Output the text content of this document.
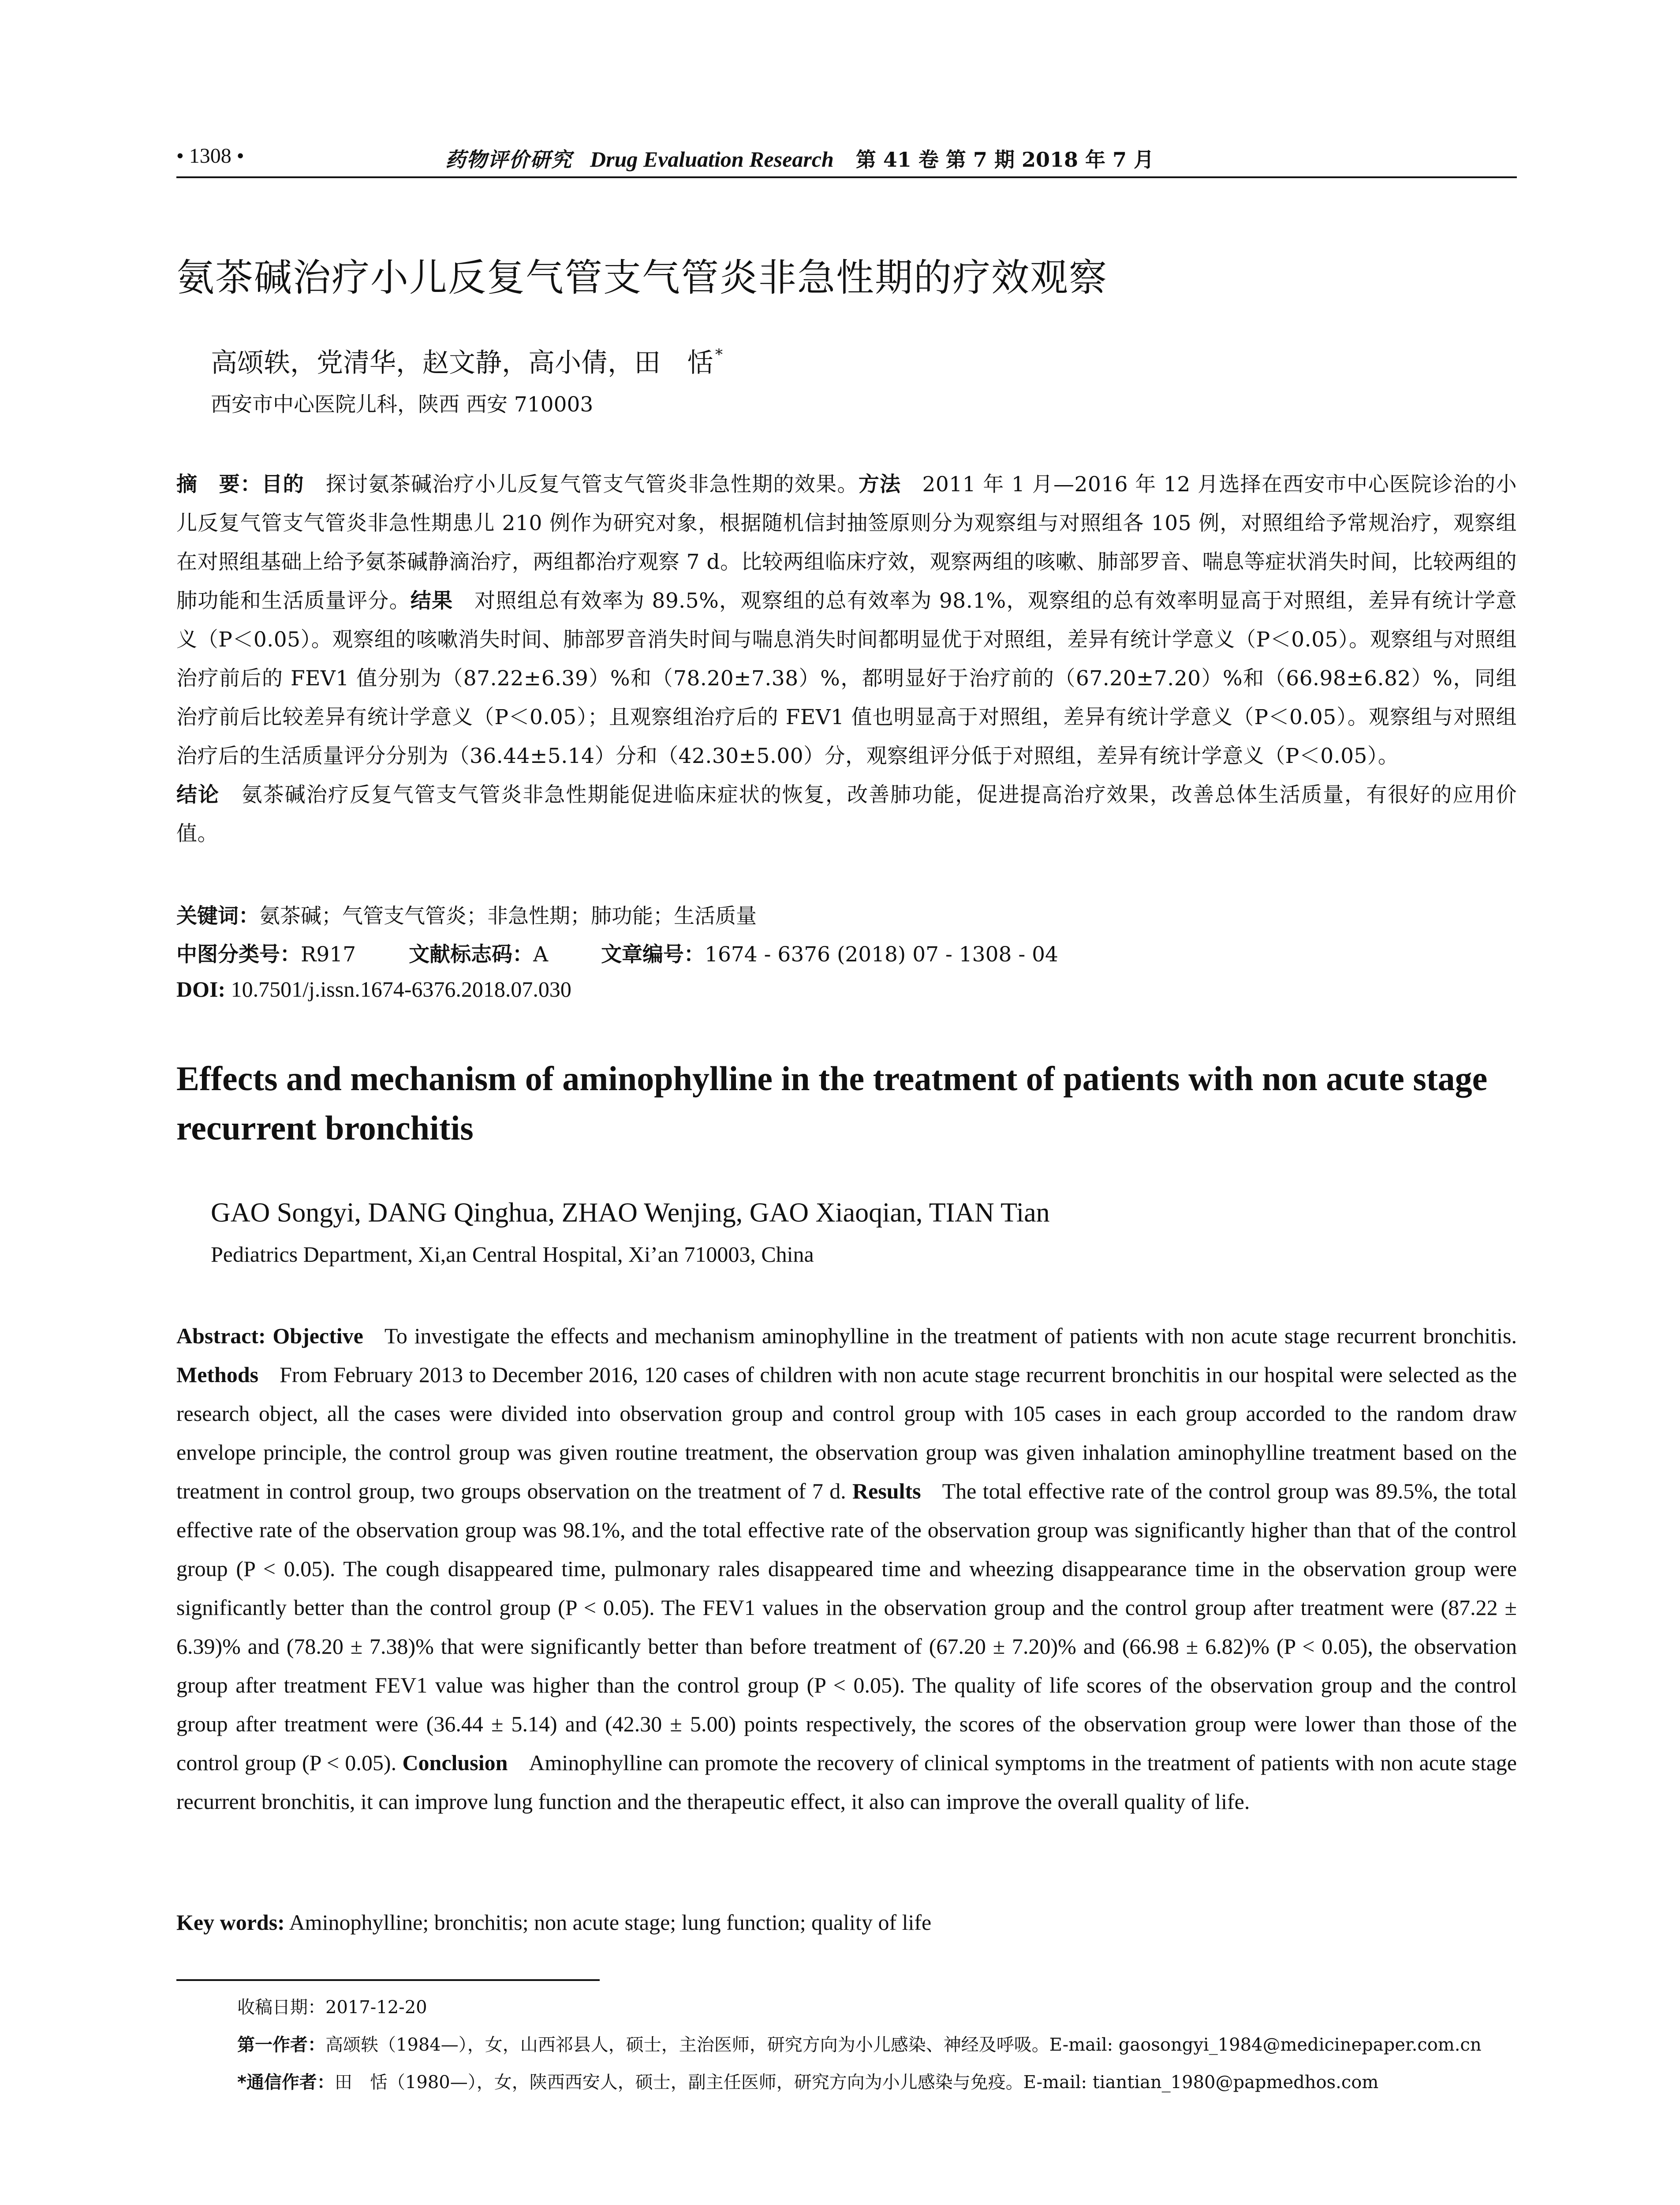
• 1308 •	药物评价研究 Drug Evaluation Research 第 41 卷 第 7 期 2018 年 7 月
氨茶碱治疗小儿反复气管支气管炎非急性期的疗效观察
高颂轶，党清华，赵文静，高小倩，田　恬 *
西安市中心医院儿科，陕西 西安 710003
摘　要：目的 探讨氨茶碱治疗小儿反复气管支气管炎非急性期的效果。方法 2011 年 1 月—2016 年 12 月选择在西安市中心医院诊治的小儿反复气管支气管炎非急性期患儿 210 例作为研究对象，根据随机信封抽签原则分为观察组与对照组各 105 例，对照组给予常规治疗，观察组在对照组基础上给予氨茶碱静滴治疗，两组都治疗观察 7 d。比较两组临床疗效，观察两组的咳嗽、肺部罗音、喘息等症状消失时间，比较两组的肺功能和生活质量评分。结果 对照组总有效率为 89.5%，观察组的总有效率为 98.1%，观察组的总有效率明显高于对照组，差异有统计学意义（P＜0.05）。观察组的咳嗽消失时间、肺部罗音消失时间与喘息消失时间都明显优于对照组，差异有统计学意义（P＜0.05）。观察组与对照组治疗前后的 FEV1 值分别为（87.22±6.39）%和（78.20±7.38）%，都明显好于治疗前的（67.20±7.20）%和（66.98±6.82）%，同组治疗前后比较差异有统计学意义（P＜0.05）；且观察组治疗后的 FEV1 值也明显高于对照组，差异有统计学意义（P＜0.05）。观察组与对照组治疗后的生活质量评分分别为（36.44±5.14）分和（42.30±5.00）分，观察组评分低于对照组，差异有统计学意义（P＜0.05）。
结论 氨茶碱治疗反复气管支气管炎非急性期能促进临床症状的恢复，改善肺功能，促进提高治疗效果，改善总体生活质量，有很好的应用价值。
关键词：氨茶碱；气管支气管炎；非急性期；肺功能；生活质量
中图分类号：R917	文献标志码：A	文章编号：1674 - 6376 (2018) 07 - 1308 - 04
DOI: 10.7501/j.issn.1674-6376.2018.07.030
Effects and mechanism of aminophylline in the treatment of patients with non acute stage recurrent bronchitis
GAO Songyi, DANG Qinghua, ZHAO Wenjing, GAO Xiaoqian, TIAN Tian
Pediatrics Department, Xi,an Central Hospital, Xi’an 710003, China
Abstract: Objective To investigate the effects and mechanism aminophylline in the treatment of patients with non acute stage recurrent bronchitis. Methods From February 2013 to December 2016, 120 cases of children with non acute stage recurrent bronchitis in our hospital were selected as the research object, all the cases were divided into observation group and control group with 105 cases in each group accorded to the random draw envelope principle, the control group was given routine treatment, the observation group was given inhalation aminophylline treatment based on the treatment in control group, two groups observation on the treatment of 7 d. Results The total effective rate of the control group was 89.5%, the total effective rate of the observation group was 98.1%, and the total effective rate of the observation group was significantly higher than that of the control group (P < 0.05). The cough disappeared time, pulmonary rales disappeared time and wheezing disappearance time in the observation group were significantly better than the control group (P < 0.05). The FEV1 values in the observation group and the control group after treatment were (87.22 ± 6.39)% and (78.20 ± 7.38)% that were significantly better than before treatment of (67.20 ± 7.20)% and (66.98 ± 6.82)% (P < 0.05), the observation group after treatment FEV1 value was higher than the control group (P < 0.05). The quality of life scores of the observation group and the control group after treatment were (36.44 ± 5.14) and (42.30 ± 5.00) points respectively, the scores of the observation group were lower than those of the control group (P < 0.05). Conclusion Aminophylline can promote the recovery of clinical symptoms in the treatment of patients with non acute stage recurrent bronchitis, it can improve lung function and the therapeutic effect, it also can improve the overall quality of life.
Key words: Aminophylline; bronchitis; non acute stage; lung function; quality of life
收稿日期：2017-12-20
第一作者：高颂轶（1984—），女，山西祁县人，硕士，主治医师，研究方向为小儿感染、神经及呼吸。E-mail: gaosongyi_1984@medicinepaper.com.cn
*通信作者：田　恬（1980—），女，陕西西安人，硕士，副主任医师，研究方向为小儿感染与免疫。E-mail: tiantian_1980@papmedhos.com
